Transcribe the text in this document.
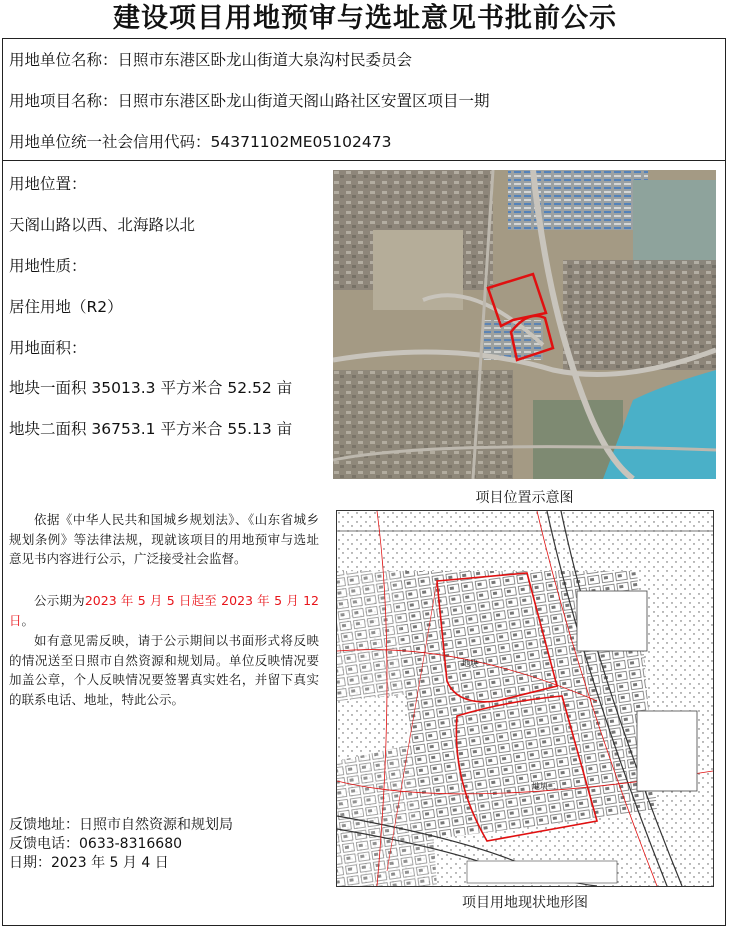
建设项目用地预审与选址意见书批前公示
用地单位名称：日照市东港区卧龙山街道大泉沟村民委员会
用地项目名称：日照市东港区卧龙山街道天阁山路社区安置区项目一期
用地单位统一社会信用代码：54371102ME05102473
用地位置：
天阁山路以西、北海路以北
用地性质：
居住用地（R2）
用地面积：
地块一面积 35013.3 平方米合 52.52 亩
地块二面积 36753.1 平方米合 55.13 亩
项目位置示意图
依据《中华人民共和国城乡规划法》、《山东省城乡规划条例》等法律法规，现就该项目的用地预审与选址意见书内容进行公示，广泛接受社会监督。
公示期为2023 年 5 月 5 日起至 2023 年 5 月 12 日。
如有意见需反映，请于公示期间以书面形式将反映的情况送至日照市自然资源和规划局。单位反映情况要加盖公章，个人反映情况要签署真实姓名，并留下真实的联系电话、地址，特此公示。
反馈地址：日照市自然资源和规划局
反馈电话：0633-8316680
日期：2023 年 5 月 4 日
地块一
地块二
项目用地现状地形图
